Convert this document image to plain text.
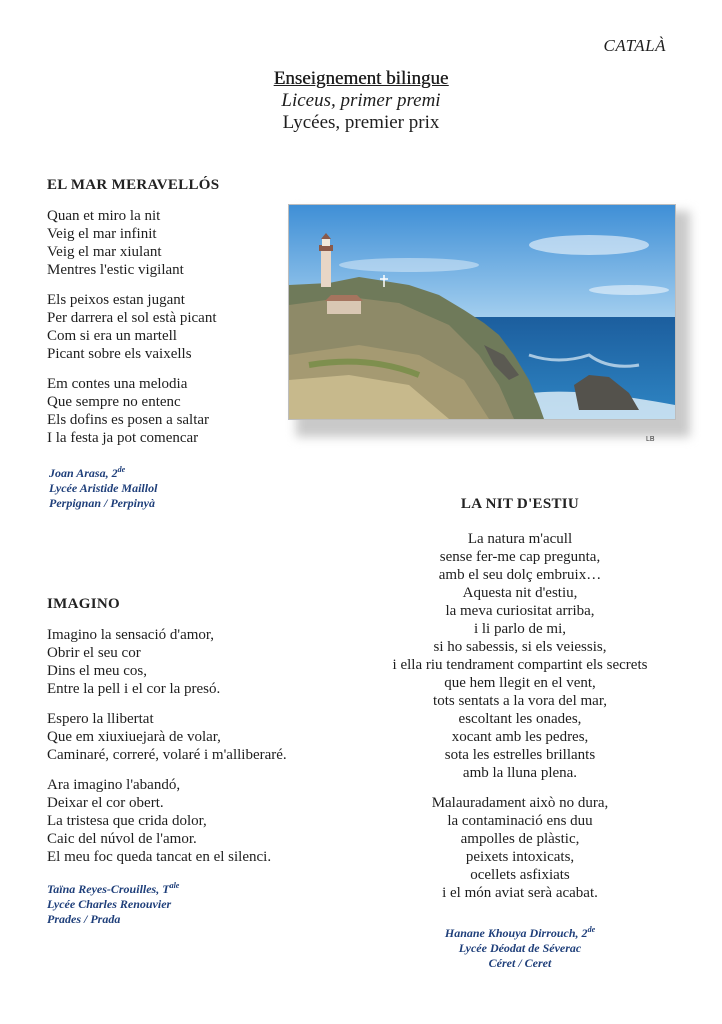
CATALÀ
Enseignement bilingue
Liceus, primer premi
Lycées, premier prix
EL MAR MERAVELLÓS
Quan et miro la nit
Veig el mar infinit
Veig el mar xiulant
Mentres l'estic vigilant
Els peixos estan jugant
Per darrera el sol està picant
Com si era un martell
Picant sobre els vaixells
Em contes una melodia
Que sempre no entenc
Els dofins es posen a saltar
I la festa ja pot comencar
Joan Arasa, 2de
Lycée Aristide Maillol
Perpignan / Perpinyà
LB
LA NIT D'ESTIU
La natura m'acull
sense fer-me cap pregunta,
amb el seu dolç embruix…
Aquesta nit d'estiu,
la meva curiositat arriba,
i li parlo de mi,
si ho sabessis, si els veiessis,
i ella riu tendrament compartint els secrets
que hem llegit en el vent,
tots sentats a la vora del mar,
escoltant les onades,
xocant amb les pedres,
sota les estrelles brillants
amb la lluna plena.
Malauradament això no dura,
la contaminació ens duu
ampolles de plàstic,
peixets intoxicats,
ocellets asfixiats
i el món aviat serà acabat.
Hanane Khouya Dirrouch, 2de
Lycée Déodat de Séverac
Céret / Ceret
IMAGINO
Imagino la sensació d'amor,
Obrir el seu cor
Dins el meu cos,
Entre la pell i el cor la presó.
Espero la llibertat
Que em xiuxiuejarà de volar,
Caminaré, correré, volaré i m'alliberaré.
Ara imagino l'abandó,
Deixar el cor obert.
La tristesa que crida dolor,
Caic del núvol de l'amor.
El meu foc queda tancat en el silenci.
Taïna Reyes-Crouilles, $T^{ale}$
Lycée Charles Renouvier
Prades / Prada
